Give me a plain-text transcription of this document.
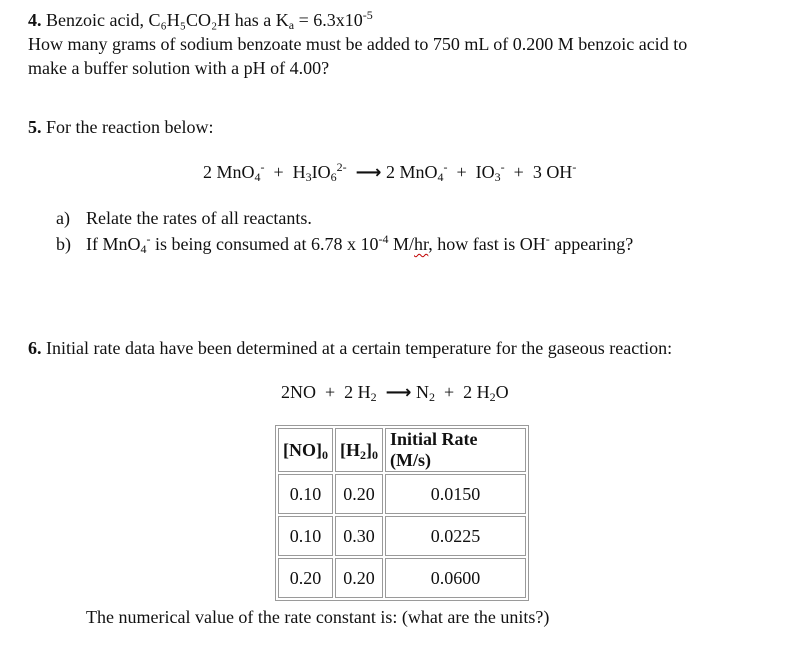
4. Benzoic acid, C₆H₅CO₂H has a $K_a = 6.3x10^{-5}$
How many grams of sodium benzoate must be added to 750 mL of 0.200 M benzoic acid to
make a buffer solution with a pH of 4.00?
5. For the reaction below:
2 $MnO_4^- + H_3IO_6^{2-}$ ⟶ 2 $MnO_4^- + IO_3^- + 3$ OH-
a) Relate the rates of all reactants.
b) If MnO$_4$- is being consumed at 6.78 x $10^{-4}$ M/hr, how fast is OH- appearing?
6. Initial rate data have been determined at a certain temperature for the gaseous reaction:
2NO + 2 $H_2$ ⟶ $N_2 + 2$ $H_2O$
$[NO]_0$	$[H_2]_0$	Initial Rate (M/s)
0.10	0.20	0.0150
0.10	0.30	0.0225
0.20	0.20	0.0600
The numerical value of the rate constant is: (what are the units?)
